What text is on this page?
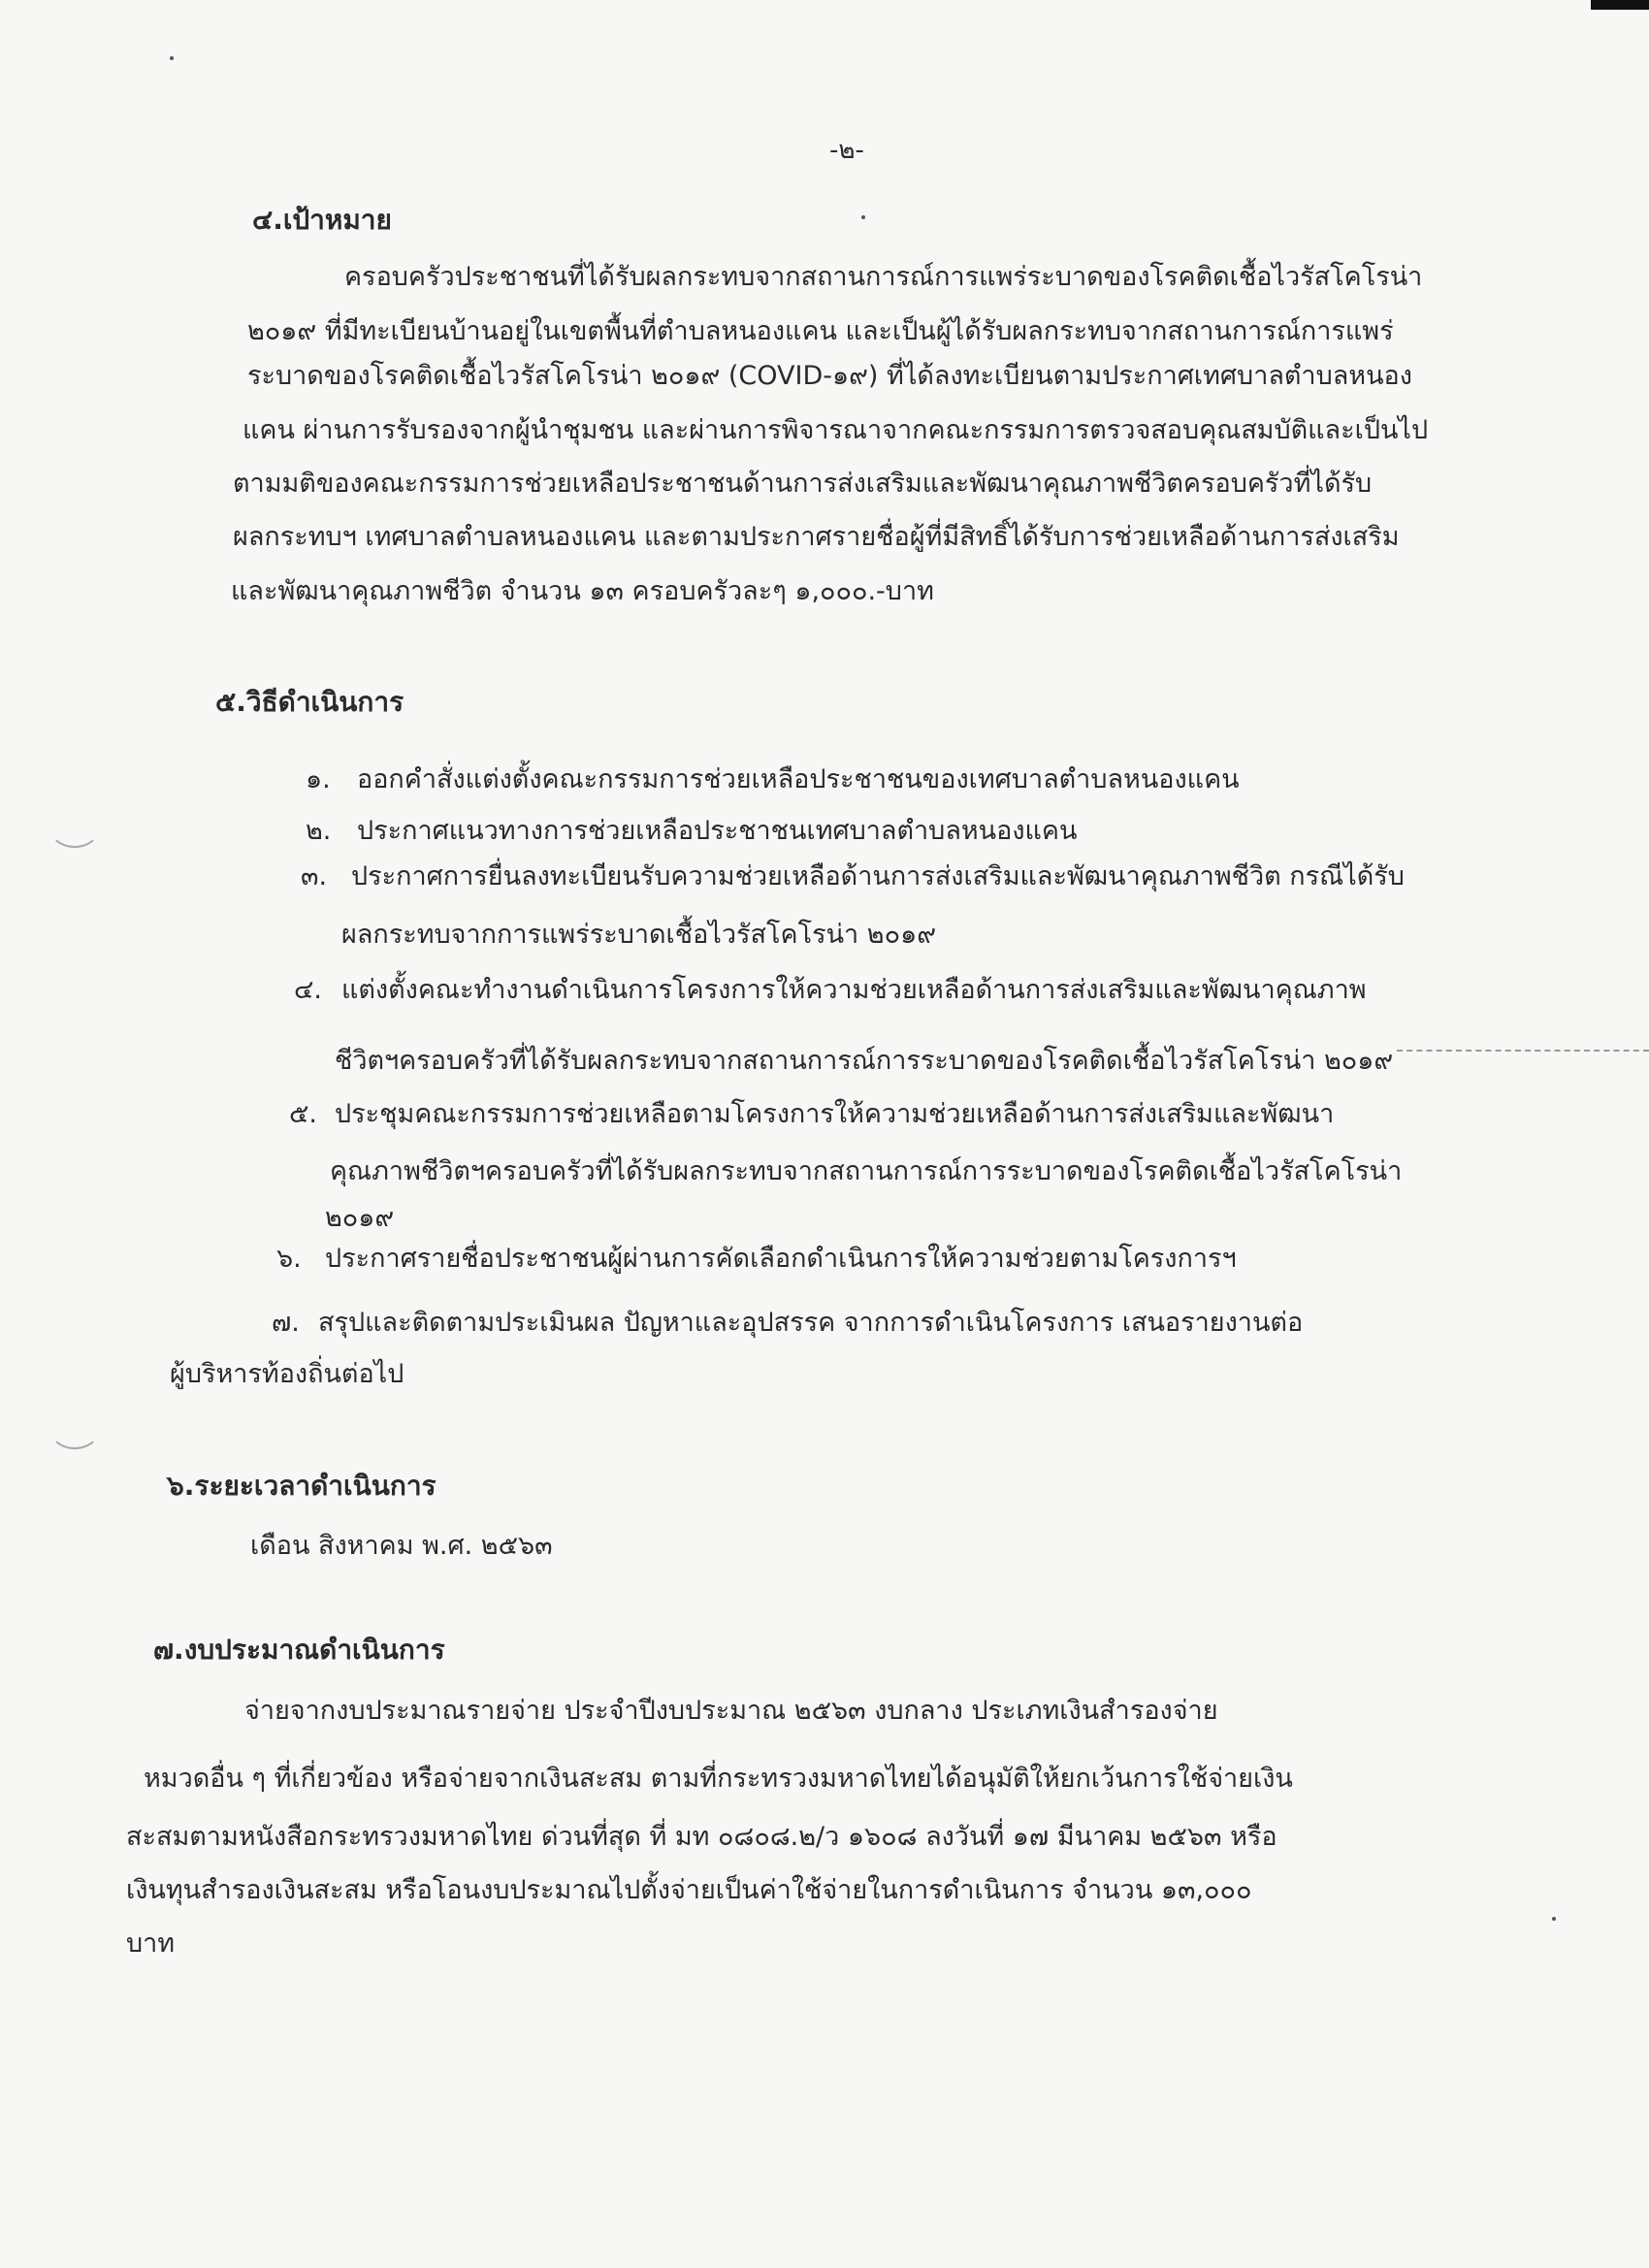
-๒-
๔.เป้าหมาย
ครอบครัวประชาชนที่ได้รับผลกระทบจากสถานการณ์การแพร่ระบาดของโรคติดเชื้อไวรัสโคโรน่า
๒๐๑๙ ที่มีทะเบียนบ้านอยู่ในเขตพื้นที่ตำบลหนองแคน และเป็นผู้ได้รับผลกระทบจากสถานการณ์การแพร่
ระบาดของโรคติดเชื้อไวรัสโคโรน่า ๒๐๑๙ (COVID-๑๙) ที่ได้ลงทะเบียนตามประกาศเทศบาลตำบลหนอง
แคน ผ่านการรับรองจากผู้นำชุมชน และผ่านการพิจารณาจากคณะกรรมการตรวจสอบคุณสมบัติและเป็นไป
ตามมติของคณะกรรมการช่วยเหลือประชาชนด้านการส่งเสริมและพัฒนาคุณภาพชีวิตครอบครัวที่ได้รับ
ผลกระทบฯ เทศบาลตำบลหนองแคน และตามประกาศรายชื่อผู้ที่มีสิทธิ์ได้รับการช่วยเหลือด้านการส่งเสริม
และพัฒนาคุณภาพชีวิต จำนวน ๑๓ ครอบครัวละๆ ๑,๐๐๐.-บาท
๕.วิธีดำเนินการ
๑. ออกคำสั่งแต่งตั้งคณะกรรมการช่วยเหลือประชาชนของเทศบาลตำบลหนองแคน
๒. ประกาศแนวทางการช่วยเหลือประชาชนเทศบาลตำบลหนองแคน
๓. ประกาศการยื่นลงทะเบียนรับความช่วยเหลือด้านการส่งเสริมและพัฒนาคุณภาพชีวิต กรณีได้รับ
ผลกระทบจากการแพร่ระบาดเชื้อไวรัสโคโรน่า ๒๐๑๙
๔. แต่งตั้งคณะทำงานดำเนินการโครงการให้ความช่วยเหลือด้านการส่งเสริมและพัฒนาคุณภาพ
ชีวิตฯครอบครัวที่ได้รับผลกระทบจากสถานการณ์การระบาดของโรคติดเชื้อไวรัสโคโรน่า ๒๐๑๙
๕. ประชุมคณะกรรมการช่วยเหลือตามโครงการให้ความช่วยเหลือด้านการส่งเสริมและพัฒนา
คุณภาพชีวิตฯครอบครัวที่ได้รับผลกระทบจากสถานการณ์การระบาดของโรคติดเชื้อไวรัสโคโรน่า
๒๐๑๙
๖. ประกาศรายชื่อประชาชนผู้ผ่านการคัดเลือกดำเนินการให้ความช่วยตามโครงการฯ
๗. สรุปและติดตามประเมินผล ปัญหาและอุปสรรค จากการดำเนินโครงการ เสนอรายงานต่อ
ผู้บริหารท้องถิ่นต่อไป
๖.ระยะเวลาดำเนินการ
เดือน สิงหาคม พ.ศ. ๒๕๖๓
๗.งบประมาณดำเนินการ
จ่ายจากงบประมาณรายจ่าย ประจำปีงบประมาณ ๒๕๖๓ งบกลาง ประเภทเงินสำรองจ่าย
หมวดอื่น ๆ ที่เกี่ยวข้อง หรือจ่ายจากเงินสะสม ตามที่กระทรวงมหาดไทยได้อนุมัติให้ยกเว้นการใช้จ่ายเงิน
สะสมตามหนังสือกระทรวงมหาดไทย ด่วนที่สุด ที่ มท ๐๘๐๘.๒/ว ๑๖๐๘ ลงวันที่ ๑๗ มีนาคม ๒๕๖๓ หรือ
เงินทุนสำรองเงินสะสม หรือโอนงบประมาณไปตั้งจ่ายเป็นค่าใช้จ่ายในการดำเนินการ จำนวน ๑๓,๐๐๐
บาท
